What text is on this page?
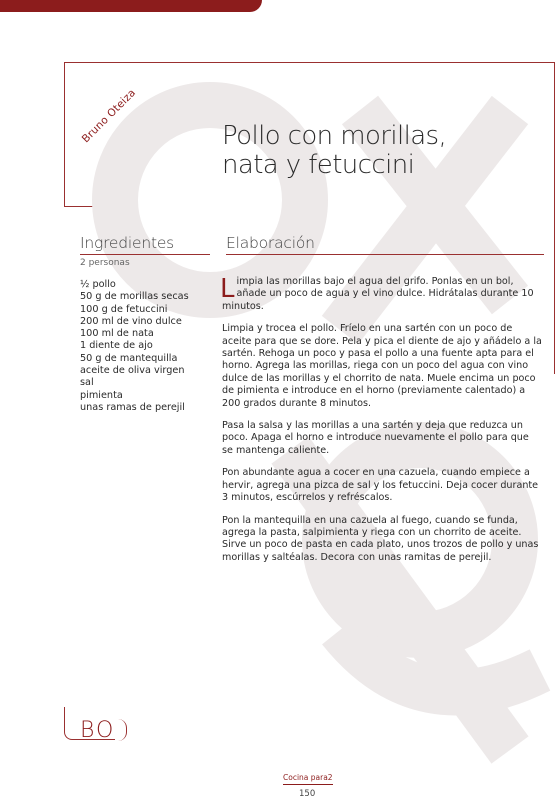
Bruno Oteiza	Pollo con morillas,
nata y fetuccini
Ingredientes
2 personas
½ pollo
50 g de morillas secas
100 g de fetuccini
200 ml de vino dulce
100 ml de nata
1 diente de ajo
50 g de mantequilla
aceite de oliva virgen
sal
pimienta
unas ramas de perejil
Elaboración

Limpia las morillas bajo el agua del grifo. Ponlas en un bol, añade un poco de agua y el vino dulce. Hidrátalas durante 10 minutos.

Limpia y trocea el pollo. Fríelo en una sartén con un poco de aceite para que se dore. Pela y pica el diente de ajo y añádelo a la sartén. Rehoga un poco y pasa el pollo a una fuente apta para el horno. Agrega las morillas, riega con un poco del agua con vino dulce de las morillas y el chorrito de nata. Muele encima un poco de pimienta e introduce en el horno (previamente calentado) a 200 grados durante 8 minutos.

Pasa la salsa y las morillas a una sartén y deja que reduzca un poco. Apaga el horno e introduce nuevamente el pollo para que se mantenga caliente.

Pon abundante agua a cocer en una cazuela, cuando empiece a hervir, agrega una pizca de sal y los fetuccini. Deja cocer durante 3 minutos, escúrrelos y refréscalos.

Pon la mantequilla en una cazuela al fuego, cuando se funda, agrega la pasta, salpimienta y riega con un chorrito de aceite. Sirve un poco de pasta en cada plato, unos trozos de pollo y unas morillas y saltéalas. Decora con unas ramitas de perejil.

BO
Cocina para2
150
